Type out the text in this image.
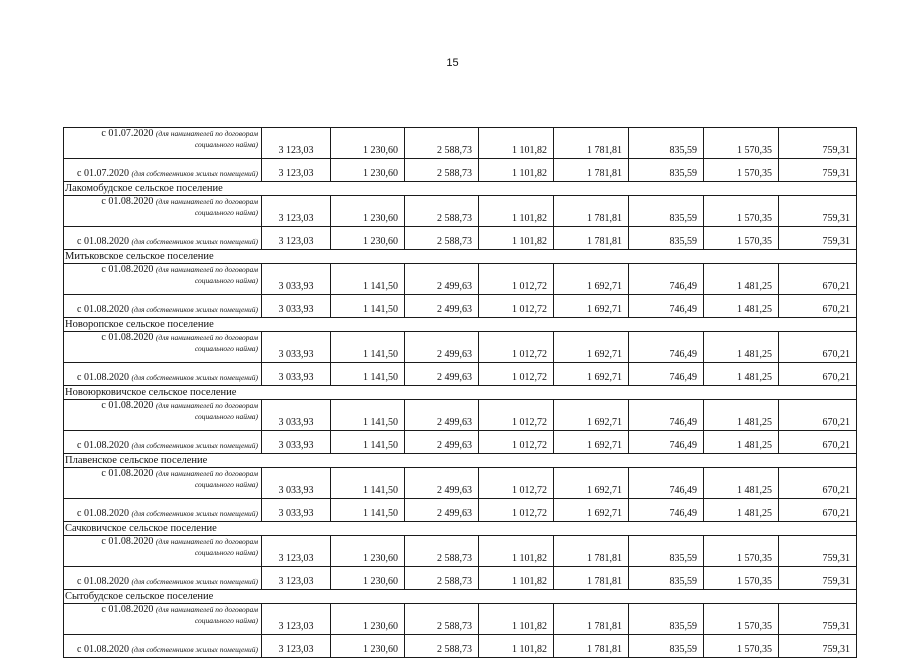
15
с 01.07.2020 (для нанимателей по договорам
социального найма)	3 123,03	1 230,60	2 588,73	1 101,82	1 781,81	835,59	1 570,35	759,31

с 01.07.2020 (для собственников жилых помещений)	3 123,03	1 230,60	2 588,73	1 101,82	1 781,81	835,59	1 570,35	759,31
Лакомобудское сельское поселение								

с 01.08.2020 (для нанимателей по договорам
социального найма)	3 123,03	1 230,60	2 588,73	1 101,82	1 781,81	835,59	1 570,35	759,31

с 01.08.2020 (для собственников жилых помещений)	3 123,03	1 230,60	2 588,73	1 101,82	1 781,81	835,59	1 570,35	759,31
Митьковское сельское поселение								

с 01.08.2020 (для нанимателей по договорам
социального найма)	3 033,93	1 141,50	2 499,63	1 012,72	1 692,71	746,49	1 481,25	670,21

с 01.08.2020 (для собственников жилых помещений)	3 033,93	1 141,50	2 499,63	1 012,72	1 692,71	746,49	1 481,25	670,21
Новоропское сельское поселение								

с 01.08.2020 (для нанимателей по договорам
социального найма)	3 033,93	1 141,50	2 499,63	1 012,72	1 692,71	746,49	1 481,25	670,21

с 01.08.2020 (для собственников жилых помещений)	3 033,93	1 141,50	2 499,63	1 012,72	1 692,71	746,49	1 481,25	670,21
Новоюрковичское сельское поселение								

с 01.08.2020 (для нанимателей по договорам
социального найма)	3 033,93	1 141,50	2 499,63	1 012,72	1 692,71	746,49	1 481,25	670,21

с 01.08.2020 (для собственников жилых помещений)	3 033,93	1 141,50	2 499,63	1 012,72	1 692,71	746,49	1 481,25	670,21
Плавенское сельское поселение								

с 01.08.2020 (для нанимателей по договорам
социального найма)	3 033,93	1 141,50	2 499,63	1 012,72	1 692,71	746,49	1 481,25	670,21

с 01.08.2020 (для собственников жилых помещений)	3 033,93	1 141,50	2 499,63	1 012,72	1 692,71	746,49	1 481,25	670,21
Сачковичское сельское поселение								

с 01.08.2020 (для нанимателей по договорам
социального найма)	3 123,03	1 230,60	2 588,73	1 101,82	1 781,81	835,59	1 570,35	759,31

с 01.08.2020 (для собственников жилых помещений)	3 123,03	1 230,60	2 588,73	1 101,82	1 781,81	835,59	1 570,35	759,31
Сытобудское сельское поселение								

с 01.08.2020 (для нанимателей по договорам
социального найма)	3 123,03	1 230,60	2 588,73	1 101,82	1 781,81	835,59	1 570,35	759,31

с 01.08.2020 (для собственников жилых помещений)	3 123,03	1 230,60	2 588,73	1 101,82	1 781,81	835,59	1 570,35	759,31
